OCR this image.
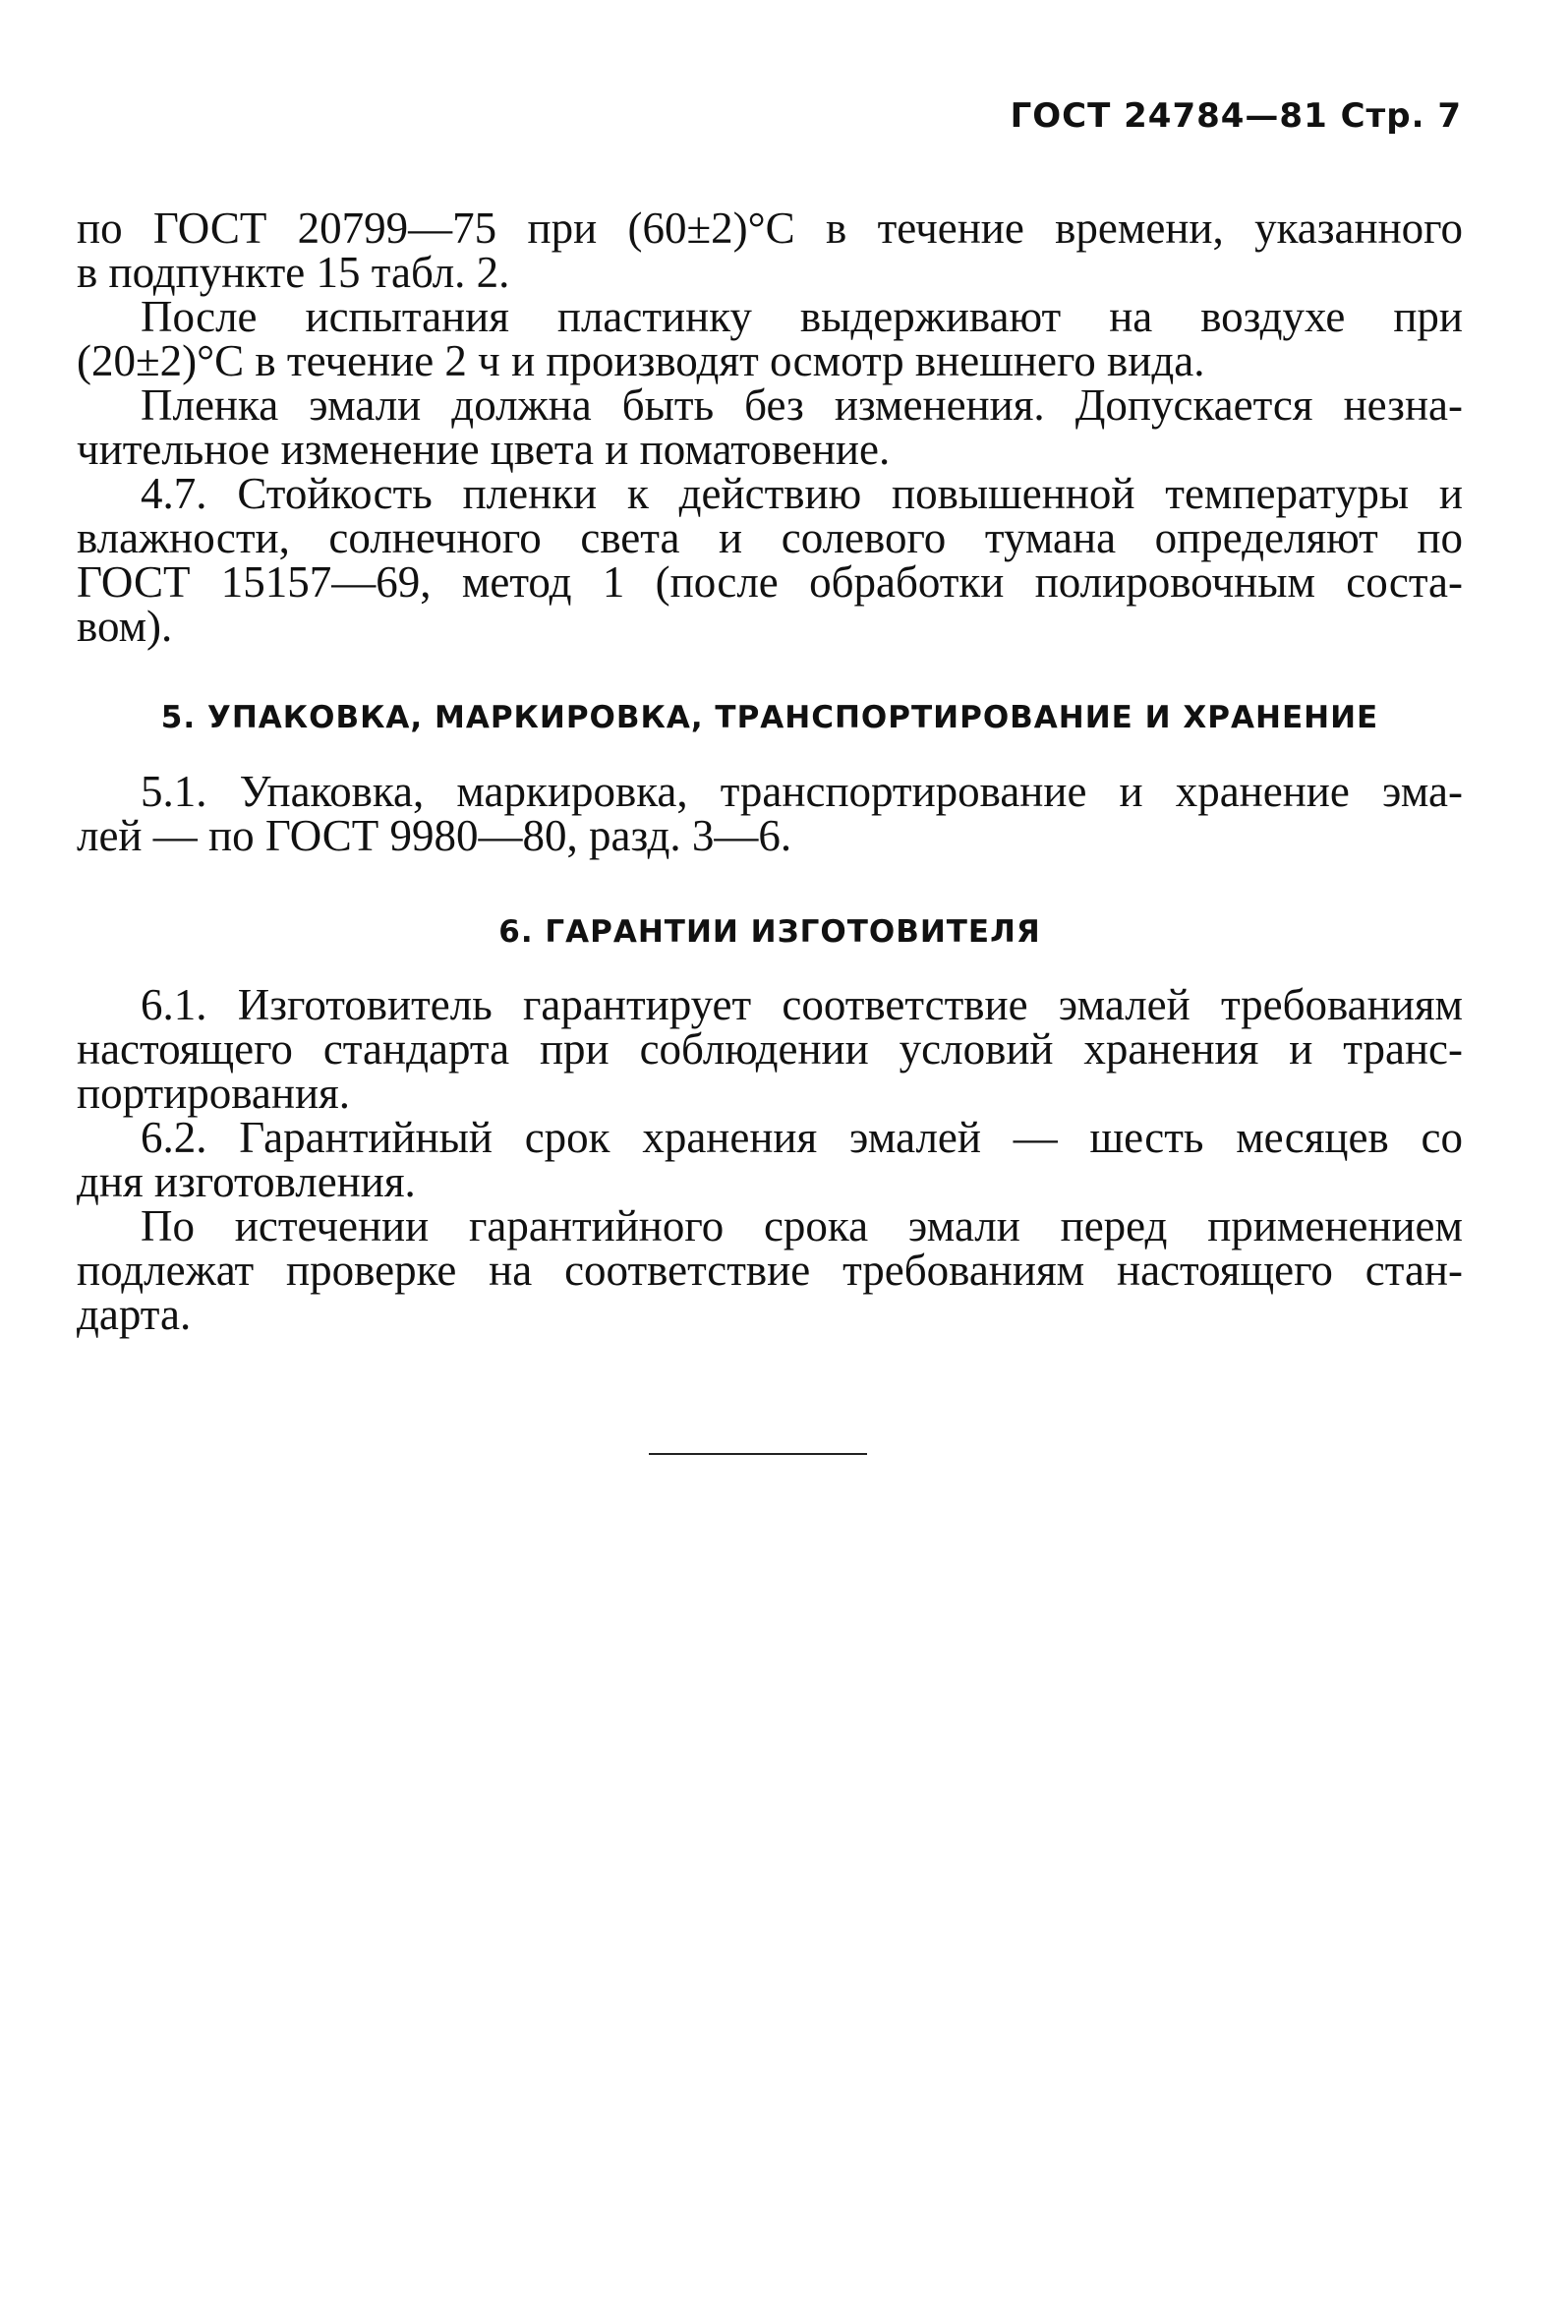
ГОСТ 24784—81 Стр. 7

по ГОСТ 20799—75 при (60±2)°С в течение времени, указанного
в подпункте 15 табл. 2.

После испытания пластинку выдерживают на воздухе при
(20±2)°С в течение 2 ч и производят осмотр внешнего вида.

Пленка эмали должна быть без изменения. Допускается незна-
чительное изменение цвета и поматовение.

4.7. Стойкость пленки к действию повышенной температуры и
влажности, солнечного света и солевого тумана определяют по
ГОСТ 15157—69, метод 1 (после обработки полировочным соста-
вом).

5. УПАКОВКА, МАРКИРОВКА, ТРАНСПОРТИРОВАНИЕ И ХРАНЕНИЕ

5.1. Упаковка, маркировка, транспортирование и хранение эма-
лей — по ГОСТ 9980—80, разд. 3—6.

6. ГАРАНТИИ ИЗГОТОВИТЕЛЯ

6.1. Изготовитель гарантирует соответствие эмалей требованиям
настоящего стандарта при соблюдении условий хранения и транс-
портирования.

6.2. Гарантийный срок хранения эмалей — шесть месяцев со
дня изготовления.

По истечении гарантийного срока эмали перед применением
подлежат проверке на соответствие требованиям настоящего стан-
дарта.
